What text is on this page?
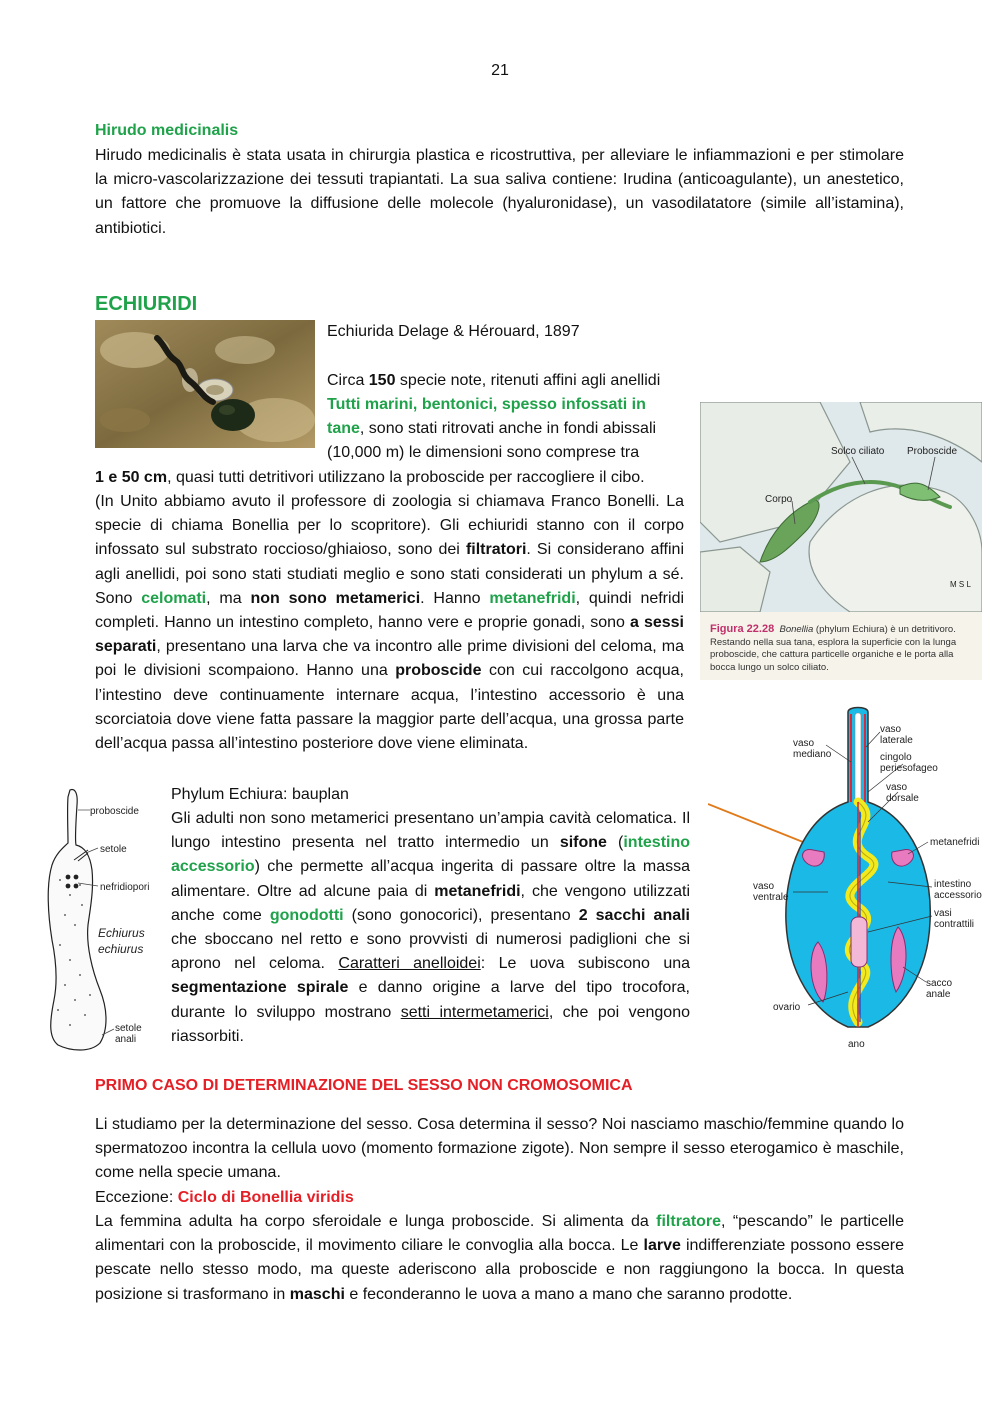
21
Hirudo medicinalis
Hirudo medicinalis è stata usata in chirurgia plastica e ricostruttiva, per alleviare le infiammazioni e per stimolare la micro-vascolarizzazione dei tessuti trapiantati. La sua saliva contiene: Irudina (anticoagulante), un anestetico, un fattore che promuove la diffusione delle molecole (hyaluronidase), un vasodilatatore (simile all’istamina), antibiotici.
ECHIURIDI
Echiurida Delage & Hérouard, 1897
Circa 150 specie note, ritenuti affini agli anellidi
Tutti marini, bentonici, spesso infossati in tane, sono stati ritrovati anche in fondi abissali (10,000 m) le dimensioni sono comprese tra
1 e 50 cm, quasi tutti detritivori utilizzano la proboscide per raccogliere il cibo.
(In Unito abbiamo avuto il professore di zoologia si chiamava Franco Bonelli. La specie di chiama Bonellia per lo scopritore). Gli echiuridi stanno con il corpo infossato sul substrato roccioso/ghiaioso, sono dei filtratori. Si considerano affini agli anellidi, poi sono stati studiati meglio e sono stati considerati un phylum a sé. Sono celomati, ma non sono metamerici. Hanno metanefridi, quindi nefridi completi. Hanno un intestino completo, hanno vere e proprie gonadi, sono a sessi separati, presentano una larva che va incontro alle prime divisioni del celoma, ma poi le divisioni scompaiono. Hanno una proboscide con cui raccolgono acqua, l’intestino deve continuamente internare acqua, l’intestino accessorio è una scorciatoia dove viene fatta passare la maggior parte dell’acqua, una grossa parte dell’acqua passa all’intestino posteriore dove viene eliminata.
Solco ciliato Proboscide
Corpo
M S L
Figura 22.28 Bonellia (phylum Echiura) è un detritivoro. Restando nella sua tana, esplora la superficie con la lunga proboscide, che cattura particelle organiche e le porta alla bocca lungo un solco ciliato.
proboscide
setole
nefridiopori
Echiurus
echiurus
setole
anali
Phylum Echiura: bauplan
Gli adulti non sono metamerici presentano un’ampia cavità celomatica. Il lungo intestino presenta nel tratto intermedio un sifone (intestino accessorio) che permette all’acqua ingerita di passare oltre la massa alimentare. Oltre ad alcune paia di metanefridi, che vengono utilizzati anche come gonodotti (sono gonocorici), presentano 2 sacchi anali che sboccano nel retto e sono provvisti di numerosi padiglioni che si aprono nel celoma. Caratteri anelloidei: Le uova subiscono una segmentazione spirale e danno origine a larve del tipo trocofora, durante lo sviluppo mostrano setti intermetamerici, che poi vengono riassorbiti.
vaso
mediano
vaso
laterale
cingolo
periesofageo
vaso
dorsale
metanefridi
vaso
ventrale
intestino
accessorio
vasi
contrattili
sacco
anale
ovario
ano
PRIMO CASO DI DETERMINAZIONE DEL SESSO NON CROMOSOMICA
Li studiamo per la determinazione del sesso. Cosa determina il sesso? Noi nasciamo maschio/femmine quando lo spermatozoo incontra la cellula uovo (momento formazione zigote). Non sempre il sesso eterogamico è maschile, come nella specie umana.
Eccezione: Ciclo di Bonellia viridis
La femmina adulta ha corpo sferoidale e lunga proboscide. Si alimenta da filtratore, “pescando” le particelle alimentari con la proboscide, il movimento ciliare le convoglia alla bocca. Le larve indifferenziate possono essere pescate nello stesso modo, ma queste aderiscono alla proboscide e non raggiungono la bocca. In questa posizione si trasformano in maschi e feconderanno le uova a mano a mano che saranno prodotte.
